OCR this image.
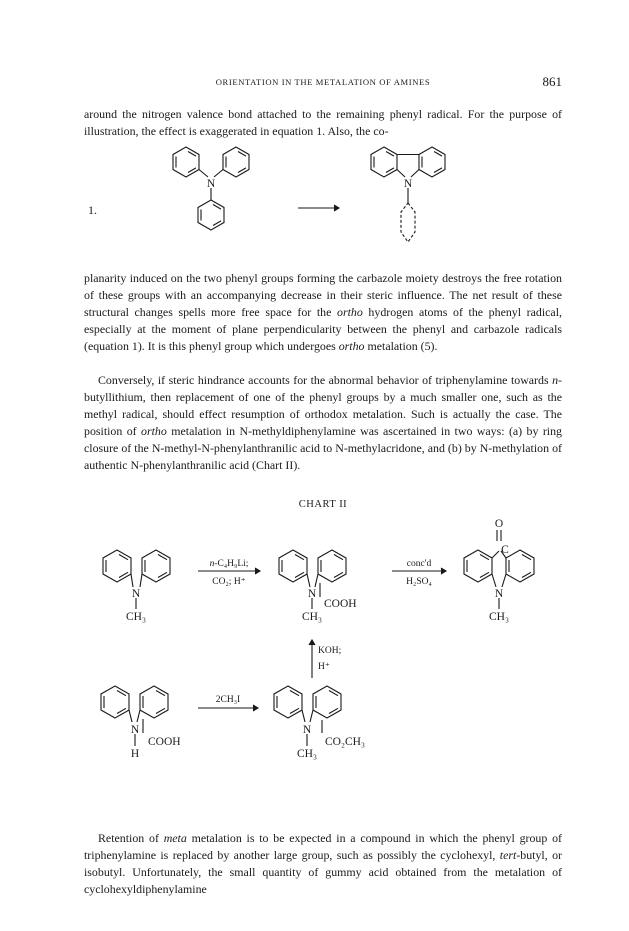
ORIENTATION IN THE METALATION OF AMINES	861

around the nitrogen valence bond attached to the remaining phenyl radical. For the purpose of illustration, the effect is exaggerated in equation 1. Also, the co-

1.

planarity induced on the two phenyl groups forming the carbazole moiety destroys the free rotation of these groups with an accompanying decrease in their steric influence. The net result of these structural changes spells more free space for the ortho hydrogen atoms of the phenyl radical, especially at the moment of plane perpendicularity between the phenyl and carbazole radicals (equation 1). It is this phenyl group which undergoes ortho metalation (5).

Conversely, if steric hindrance accounts for the abnormal behavior of triphenylamine towards n-butyllithium, then replacement of one of the phenyl groups by a much smaller one, such as the methyl radical, should effect resumption of orthodox metalation. Such is actually the case. The position of ortho metalation in N-methyldiphenylamine was ascertained in two ways: (a) by ring closure of the N-methyl-N-phenylanthranilic acid to N-methylacridone, and (b) by N-methylation of authentic N-phenylanthranilic acid (Chart II).

CHART II

Retention of meta metalation is to be expected in a compound in which the phenyl group of triphenylamine is replaced by another large group, such as possibly the cyclohexyl, tert-butyl, or isobutyl. Unfortunately, the small quantity of gummy acid obtained from the metalation of cyclohexyldiphenylamine

N	N
N
CH₃
n-C₄H₉Li;
CO₂; H⁺
N
CH₃
COOH
conc'd
H₂SO₄
O
C
N
CH₃
KOH;
H⁺
N
H
COOH
2CH₃I
N
CH₃
CO₂CH₃
